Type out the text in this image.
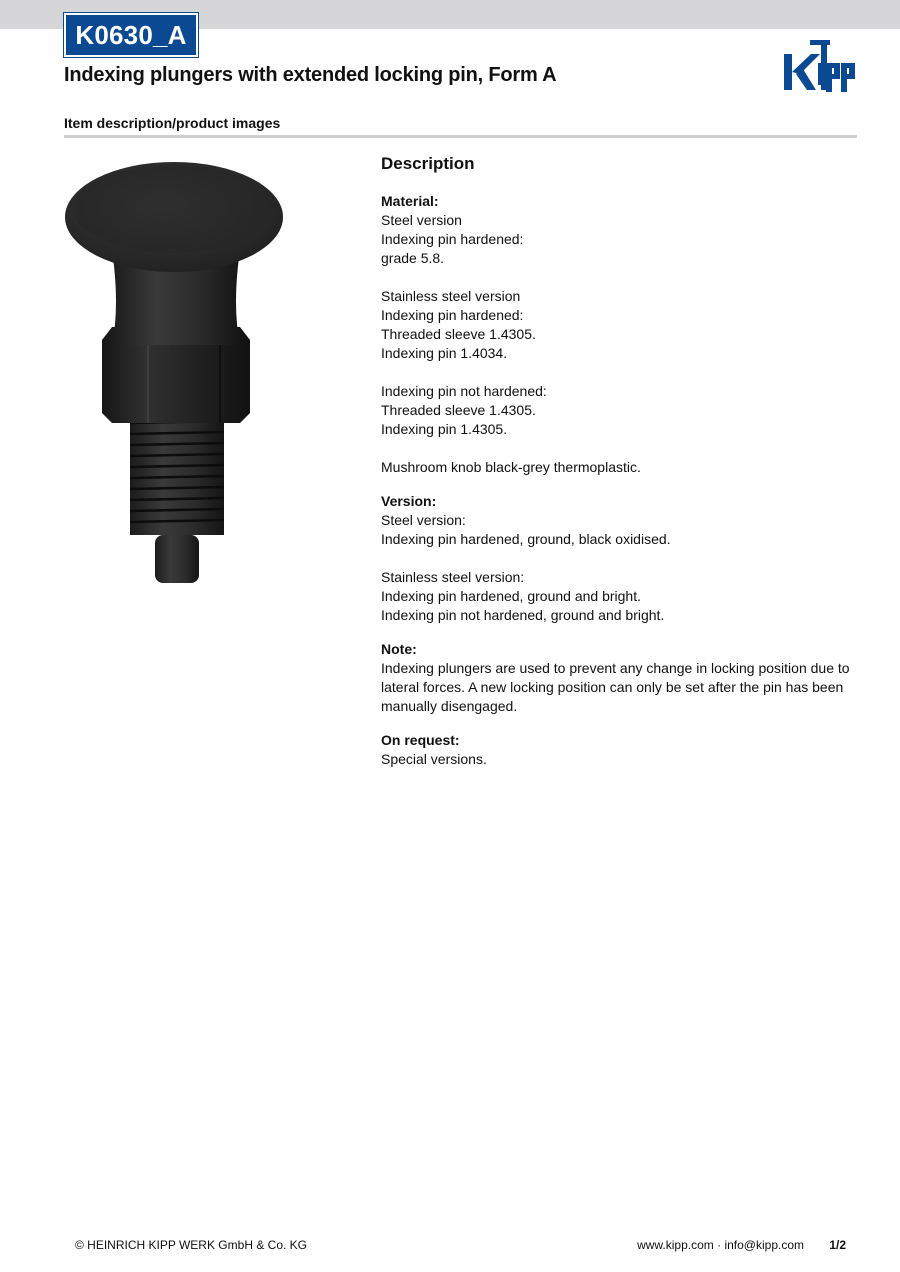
K0630_A
Indexing plungers with extended locking pin, Form A
Item description/product images
Description
Material:
Steel version
Indexing pin hardened:
grade 5.8.
Stainless steel version
Indexing pin hardened:
Threaded sleeve 1.4305.
Indexing pin 1.4034.
Indexing pin not hardened:
Threaded sleeve 1.4305.
Indexing pin 1.4305.
Mushroom knob black-grey thermoplastic.
Version:
Steel version:
Indexing pin hardened, ground, black oxidised.
Stainless steel version:
Indexing pin hardened, ground and bright.
Indexing pin not hardened, ground and bright.
Note:
Indexing plungers are used to prevent any change in locking position due to lateral forces. A new locking position can only be set after the pin has been manually disengaged.
On request:
Special versions.
© HEINRICH KIPP WERK GmbH & Co. KG	www.kipp.com · info@kipp.com 1/2
